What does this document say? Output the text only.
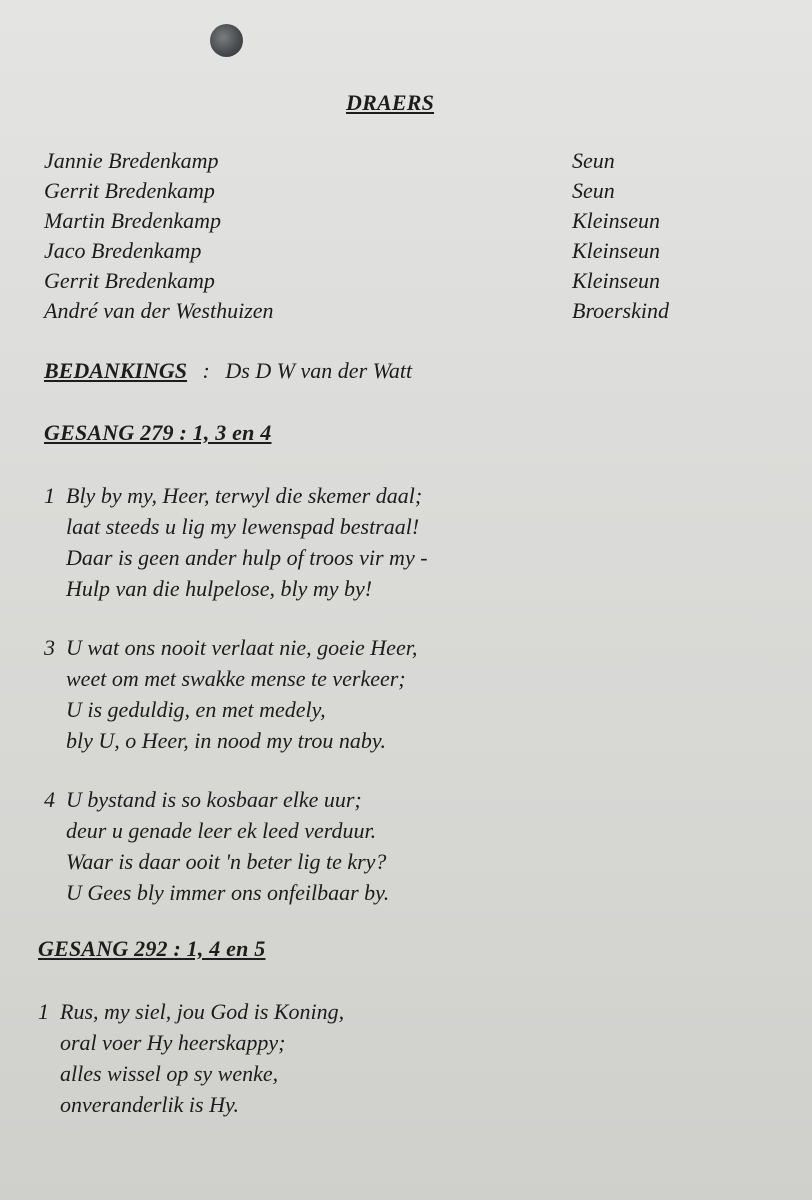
DRAERS
Jannie Bredenkamp	Seun
Gerrit Bredenkamp	Seun
Martin Bredenkamp	Kleinseun
Jaco Bredenkamp	Kleinseun
Gerrit Bredenkamp	Kleinseun
André van der Westhuizen	Broerskind
BEDANKINGS : Ds D W van der Watt
GESANG 279 : 1, 3 en 4
1 Bly by my, Heer, terwyl die skemer daal;
laat steeds u lig my lewenspad bestraal!
Daar is geen ander hulp of troos vir my -
Hulp van die hulpelose, bly my by!
3 U wat ons nooit verlaat nie, goeie Heer,
weet om met swakke mense te verkeer;
U is geduldig, en met medely,
bly U, o Heer, in nood my trou naby.
4 U bystand is so kosbaar elke uur;
deur u genade leer ek leed verduur.
Waar is daar ooit 'n beter lig te kry?
U Gees bly immer ons onfeilbaar by.
GESANG 292 : 1, 4 en 5
1 Rus, my siel, jou God is Koning,
oral voer Hy heerskappy;
alles wissel op sy wenke,
onveranderlik is Hy.
